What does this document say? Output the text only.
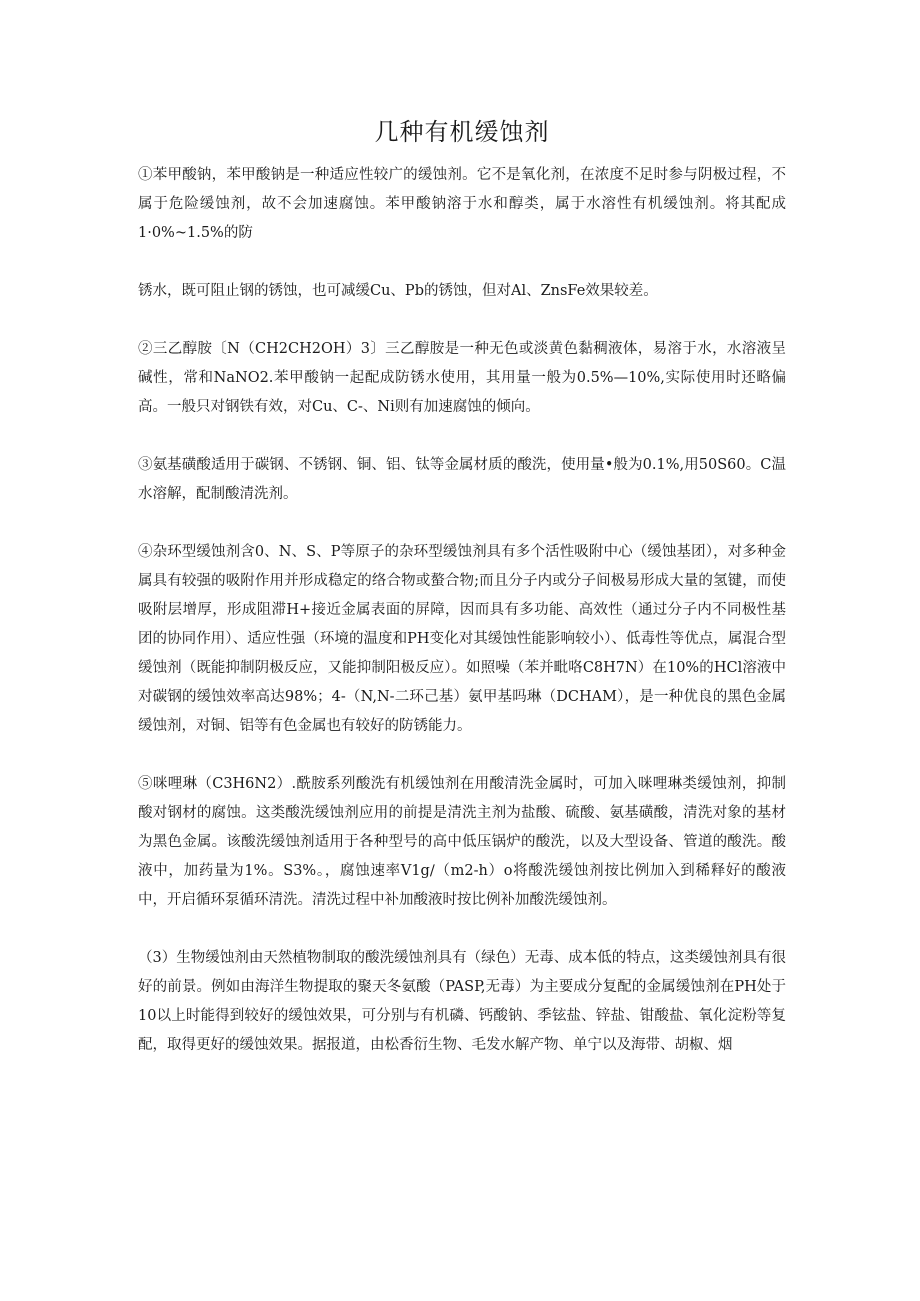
几种有机缓蚀剂

①苯甲酸钠，苯甲酸钠是一种适应性较广的缓蚀剂。它不是氧化剂，在浓度不足时参与阴极过程，不属于危险缓蚀剂，故不会加速腐蚀。苯甲酸钠溶于水和醇类，属于水溶性有机缓蚀剂。将其配成1·0%~1.5%的防

锈水，既可阻止钢的锈蚀，也可减缓Cu、Pb的锈蚀，但对Al、ZnsFe效果较差。

②三乙醇胺〔N（CH2CH2OH）3〕三乙醇胺是一种无色或淡黄色黏稠液体，易溶于水，水溶液呈碱性，常和NaNO2.苯甲酸钠一起配成防锈水使用，其用量一般为0.5%—10%,实际使用时还略偏高。一般只对钢铁有效，对Cu、C-、Ni则有加速腐蚀的倾向。

③氨基磺酸适用于碳钢、不锈钢、铜、铝、钛等金属材质的酸洗，使用量•般为0.1%,用50S60。C温水溶解，配制酸清洗剂。

④杂环型缓蚀剂含0、N、S、P等原子的杂环型缓蚀剂具有多个活性吸附中心（缓蚀基团），对多种金属具有较强的吸附作用并形成稳定的络合物或螯合物;而且分子内或分子间极易形成大量的氢键，而使吸附层增厚，形成阻滞H+接近金属表面的屏障，因而具有多功能、高效性（通过分子内不同极性基团的协同作用）、适应性强（环境的温度和PH变化对其缓蚀性能影响较小）、低毒性等优点，属混合型缓蚀剂（既能抑制阴极反应，又能抑制阳极反应）。如照噪（苯并毗咯C8H7N）在10%的HCl溶液中对碳钢的缓蚀效率高达98%；4-（N,N-二环己基）氨甲基吗琳（DCHAM），是一种优良的黑色金属缓蚀剂，对铜、铝等有色金属也有较好的防锈能力。

⑤咪哩琳（C3H6N2）.酰胺系列酸洗有机缓蚀剂在用酸清洗金属时，可加入咪哩琳类缓蚀剂，抑制酸对钢材的腐蚀。这类酸洗缓蚀剂应用的前提是清洗主剂为盐酸、硫酸、氨基磺酸，清洗对象的基材为黑色金属。该酸洗缓蚀剂适用于各种型号的高中低压锅炉的酸洗，以及大型设备、管道的酸洗。酸液中，加药量为1%。S3%。，腐蚀速率V1g∕（m2-h）o将酸洗缓蚀剂按比例加入到稀释好的酸液中，开启循环泵循环清洗。清洗过程中补加酸液时按比例补加酸洗缓蚀剂。

（3）生物缓蚀剂由天然植物制取的酸洗缓蚀剂具有（绿色）无毒、成本低的特点，这类缓蚀剂具有很好的前景。例如由海洋生物提取的聚天冬氨酸（PASP,无毒）为主要成分复配的金属缓蚀剂在PH处于10以上时能得到较好的缓蚀效果，可分别与有机磷、钙酸钠、季铉盐、锌盐、钳酸盐、氧化淀粉等复配，取得更好的缓蚀效果。据报道，由松香衍生物、毛发水解产物、单宁以及海带、胡椒、烟
